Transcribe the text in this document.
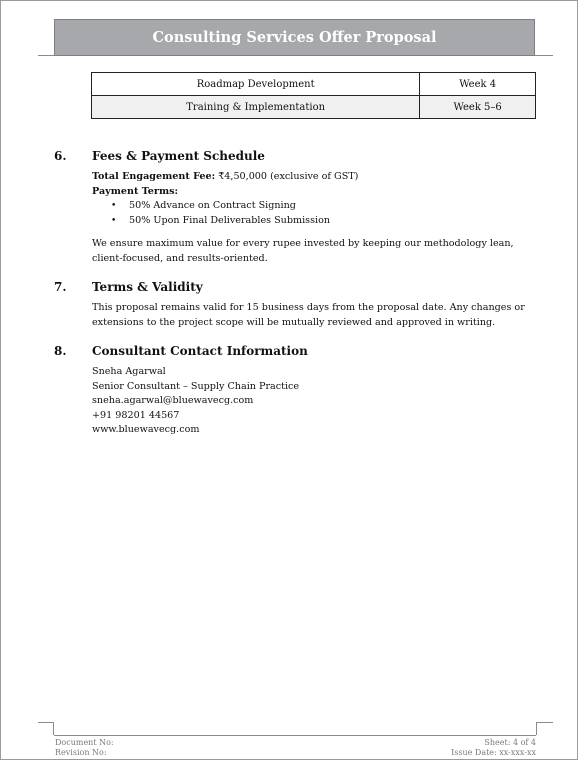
Consulting Services Offer Proposal
Roadmap Development	Week 4
Training & Implementation	Week 5–6
6. Fees & Payment Schedule

Total Engagement Fee: ₹4,50,000 (exclusive of GST)

Payment Terms:

• 50% Advance on Contract Signing
• 50% Upon Final Deliverables Submission

We ensure maximum value for every rupee invested by keeping our methodology lean, client-focused, and results-oriented.

7. Terms & Validity

This proposal remains valid for 15 business days from the proposal date. Any changes or extensions to the project scope will be mutually reviewed and approved in writing.

8. Consultant Contact Information

Sneha Agarwal

Senior Consultant – Supply Chain Practice

sneha.agarwal@bluewavecg.com

+91 98201 44567

www.bluewavecg.com

Document No:
Revision No:
Sheet: 4 of 4
Issue Date: xx-xxx-xx
